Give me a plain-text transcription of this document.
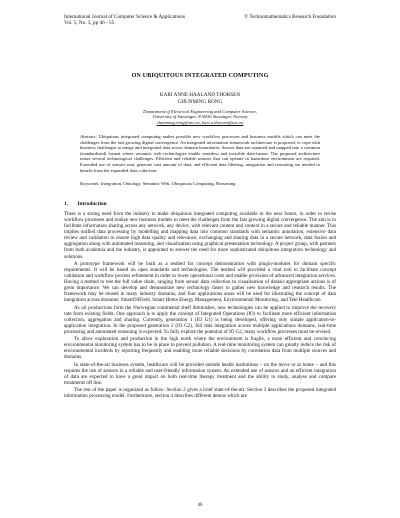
International Journal of Computer Science & Applications
Vol. 5, No. 3, pp 46 - 55
© Technomathematics Research Foundation
ON UBIQUITOUS INTEGRATED COMPUTING
KARI ANNE HAALAND THORSEN
CHUNMING RONG
Department of Electrical Engineering and Computer Science,
University of Stavanger, N-4036 Stavanger, Norway
chunming.rong@uis.no, kari.a.thorsen@uis.no
Abstract: Ubiquitous integrated computing makes possible new workflow processes and business models which can meet the challenges from the fast growing digital convergence. An integrated information framework architecture is proposed, to cope with business challenges to merge and integrated data across domain boundaries. Sensor data are captured and mapped into a common (standardized) format where semantic web technologies enable seamless and invisible data-fusion. The proposed architecture raises several technological challenges. Efficient and reliable sensors that can operate in hazardous environment are required. Extended use of sensors may generate vast amount of data, and efficient data filtering, integration and reasoning are needed to benefit from the expanded data collection.
Keywords: Integration, Ontology, Semantic Web, Ubiquitous Computing, Reasoning
1. Introduction

There is a strong need from the industry to make ubiquitous integrated computing available in the near future, in order to revise workflow processes and realize new business models to meet the challenges from the fast growing digital convergence. The aim is to facilitate information sharing across any network, any device, with relevant content and context in a secure and reliable manner. This implies unified data processing by modelling and mapping data into common standards with semantic annotation, extensive data review and validation to ensure high data quality and relevance, exchanging and sharing data in a secure network, data fusion and aggregation along with automated reasoning, and visualisation using graphical presentation technology. A project group, with partners from both academia and the industry, is appointed to answer the need for more sophisticated ubiquitous integration technology and solutions.

A prototype framework will be built as a testbed for concept demonstration with plugin-modules for domain specific requirements. It will be based on open standards and technologies. The testbed will provided a vital tool to facilitate concept validation and workflow process refinement in order to lower operational costs and enable provision of advanced integration services. Having a testbed to test the full value chain, ranging from sensor data collection to visualisation of datasis appropriate actions is of great importance. We can develop and demonstrate new technology faster to gather new knowledge and research results. The framework may be reused in many industry domains, and four applications areas will be used for illustrating the concept of data integration across domains: SmartOilField, Smart Home Energy Management, Environmental Monitoring, and Tele Healthcare.

As oil productions form the Norwegian continental shelf diminishes, new technologies can be applied to improve the recovery rate from existing fields. One approach is to apply the concept of Integrated Operations (IO) to facilitate more efficient information collection, aggregation and sharing. Currently, generation 1 (IO G1) is being developed, offering only simple application-to-application integration. In the proposed generation 2 (IO G2), full data integration across multiple applications domains, real-time processing and automated reasoning is expected. To fully explore the potential of IO G2, many workflow processes must be revised.

To allow exploration and production in the high north where the environment is fragile, a more efficient and convincing environmental monitoring system has to be in place to prevent pollution. A real-time monitoring system can greatly reduce the risk of environmental incidents by reporting frequently and enabling more reliable decisions by correlation data from multiple sources and domains.

In state-of-the-art business system, healthcare will be provided outside health institutions – on the move or at home – and this requires the use of sensors in a reliable and user-friendly information system. An extended use of sensors and an efficient integration of data are expected to have a great impact on both real-time therapy treatment and the ability to study, analyse and compare treatments off line.

The rest of the paper is organized as follow: Section 2 gives a brief state-of-the-art. Section 3 describes the proposed integrated information processing model. Furthermore, section 4 describes different demos which are

46
